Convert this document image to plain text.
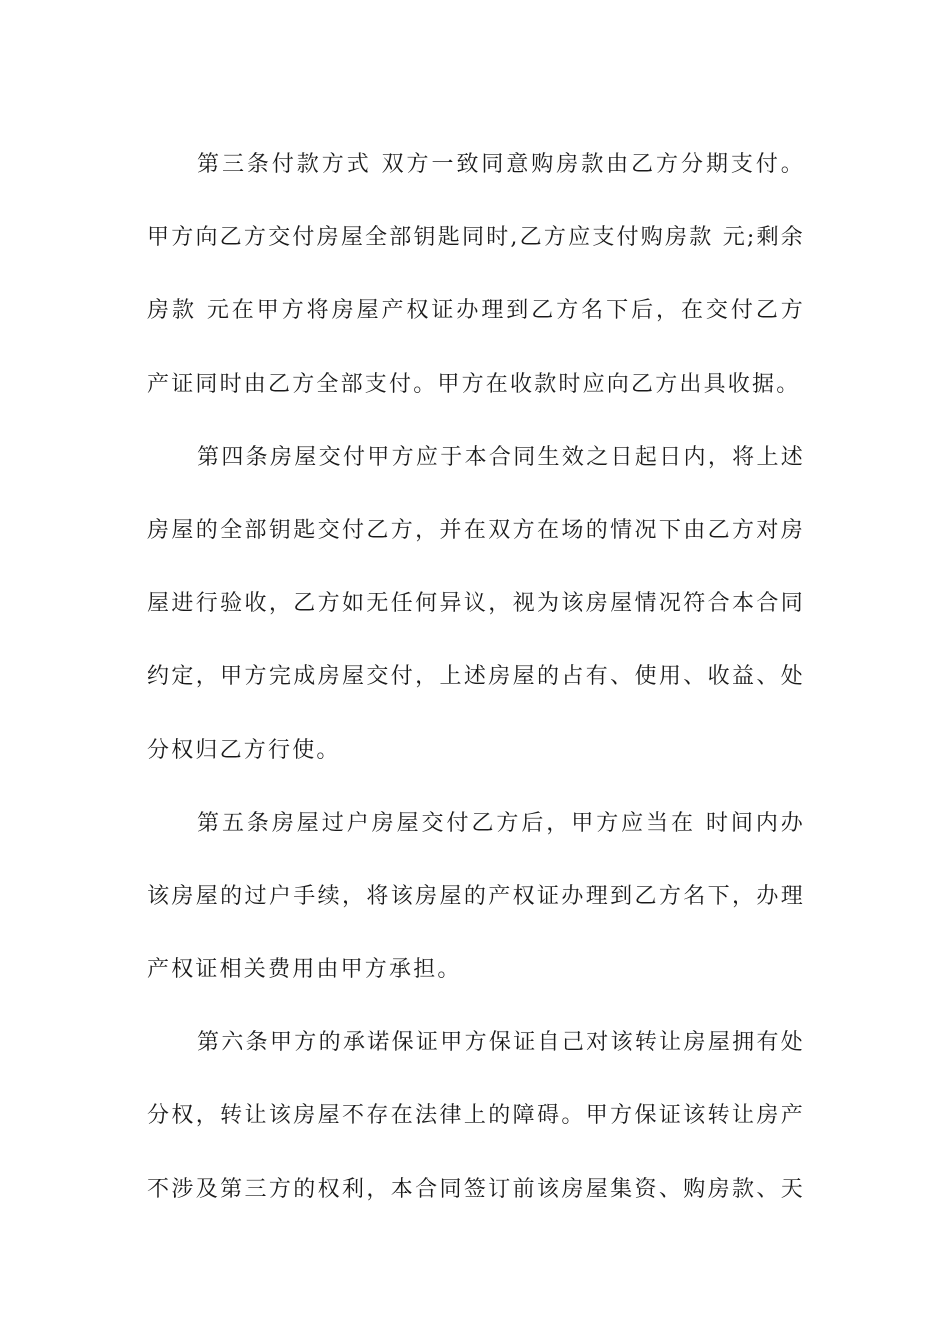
第三条付款方式 双方一致同意购房款由乙方分期支付。
甲方向乙方交付房屋全部钥匙同时,乙方应支付购房款 元;剩余
房款 元在甲方将房屋产权证办理到乙方名下后，在交付乙方
产证同时由乙方全部支付。甲方在收款时应向乙方出具收据。
第四条房屋交付甲方应于本合同生效之日起日内，将上述
房屋的全部钥匙交付乙方，并在双方在场的情况下由乙方对房
屋进行验收，乙方如无任何异议，视为该房屋情况符合本合同
约定，甲方完成房屋交付，上述房屋的占有、使用、收益、处
分权归乙方行使。
第五条房屋过户房屋交付乙方后，甲方应当在 时间内办
该房屋的过户手续，将该房屋的产权证办理到乙方名下，办理
产权证相关费用由甲方承担。
第六条甲方的承诺保证甲方保证自己对该转让房屋拥有处
分权，转让该房屋不存在法律上的障碍。甲方保证该转让房产
不涉及第三方的权利，本合同签订前该房屋集资、购房款、天
